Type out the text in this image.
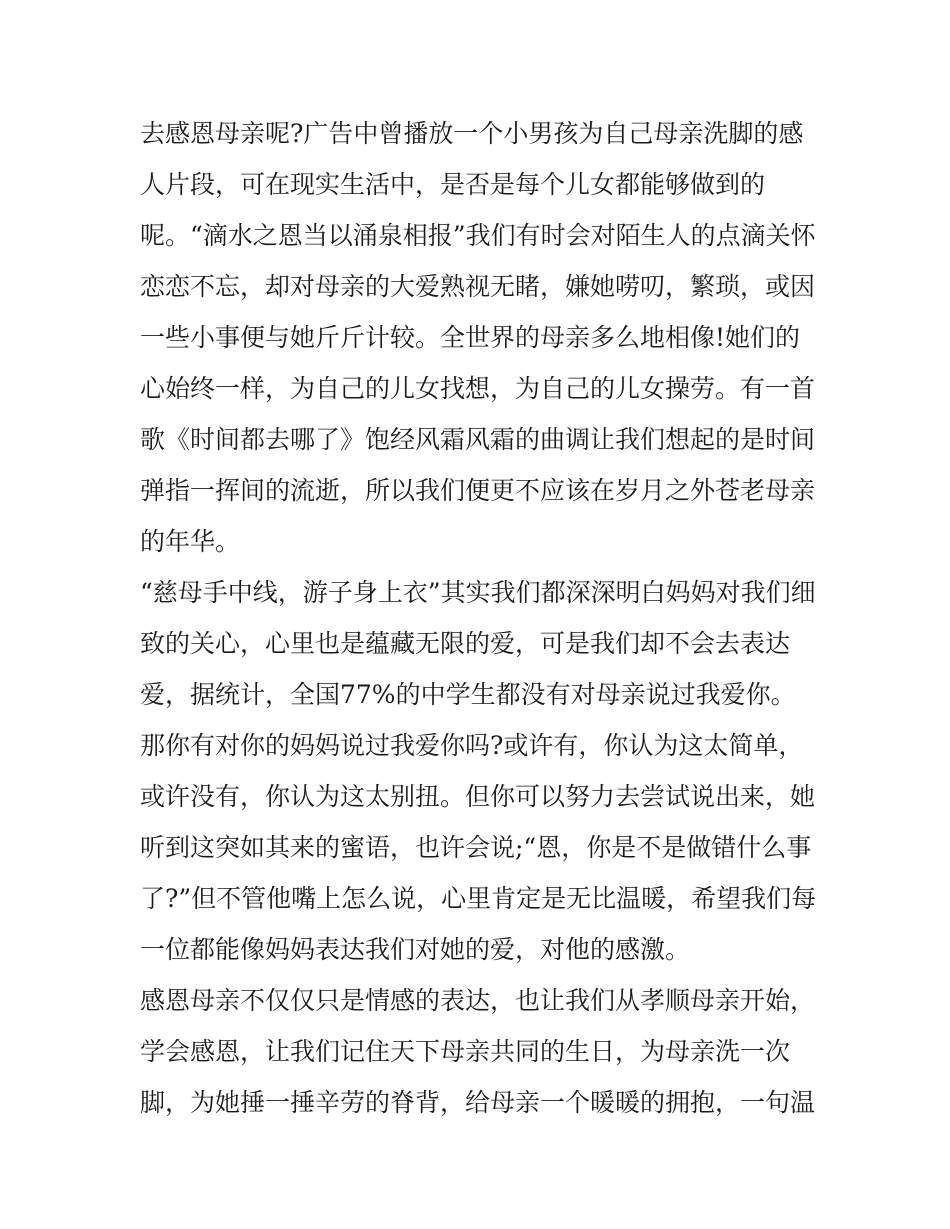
去感恩母亲呢?广告中曾播放一个小男孩为自己母亲洗脚的感
人片段，可在现实生活中，是否是每个儿女都能够做到的
呢。“滴水之恩当以涌泉相报”我们有时会对陌生人的点滴关怀
恋恋不忘，却对母亲的大爱熟视无睹，嫌她唠叨，繁琐，或因
一些小事便与她斤斤计较。全世界的母亲多么地相像!她们的
心始终一样，为自己的儿女找想，为自己的儿女操劳。有一首
歌《时间都去哪了》饱经风霜风霜的曲调让我们想起的是时间
弹指一挥间的流逝，所以我们便更不应该在岁月之外苍老母亲
的年华。
“慈母手中线，游子身上衣”其实我们都深深明白妈妈对我们细
致的关心，心里也是蕴藏无限的爱，可是我们却不会去表达
爱，据统计，全国77%的中学生都没有对母亲说过我爱你。
那你有对你的妈妈说过我爱你吗?或许有，你认为这太简单，
或许没有，你认为这太别扭。但你可以努力去尝试说出来，她
听到这突如其来的蜜语，也许会说;“恩，你是不是做错什么事
了?”但不管他嘴上怎么说，心里肯定是无比温暖，希望我们每
一位都能像妈妈表达我们对她的爱，对他的感激。
感恩母亲不仅仅只是情感的表达，也让我们从孝顺母亲开始，
学会感恩，让我们记住天下母亲共同的生日，为母亲洗一次
脚，为她捶一捶辛劳的脊背，给母亲一个暖暖的拥抱，一句温
